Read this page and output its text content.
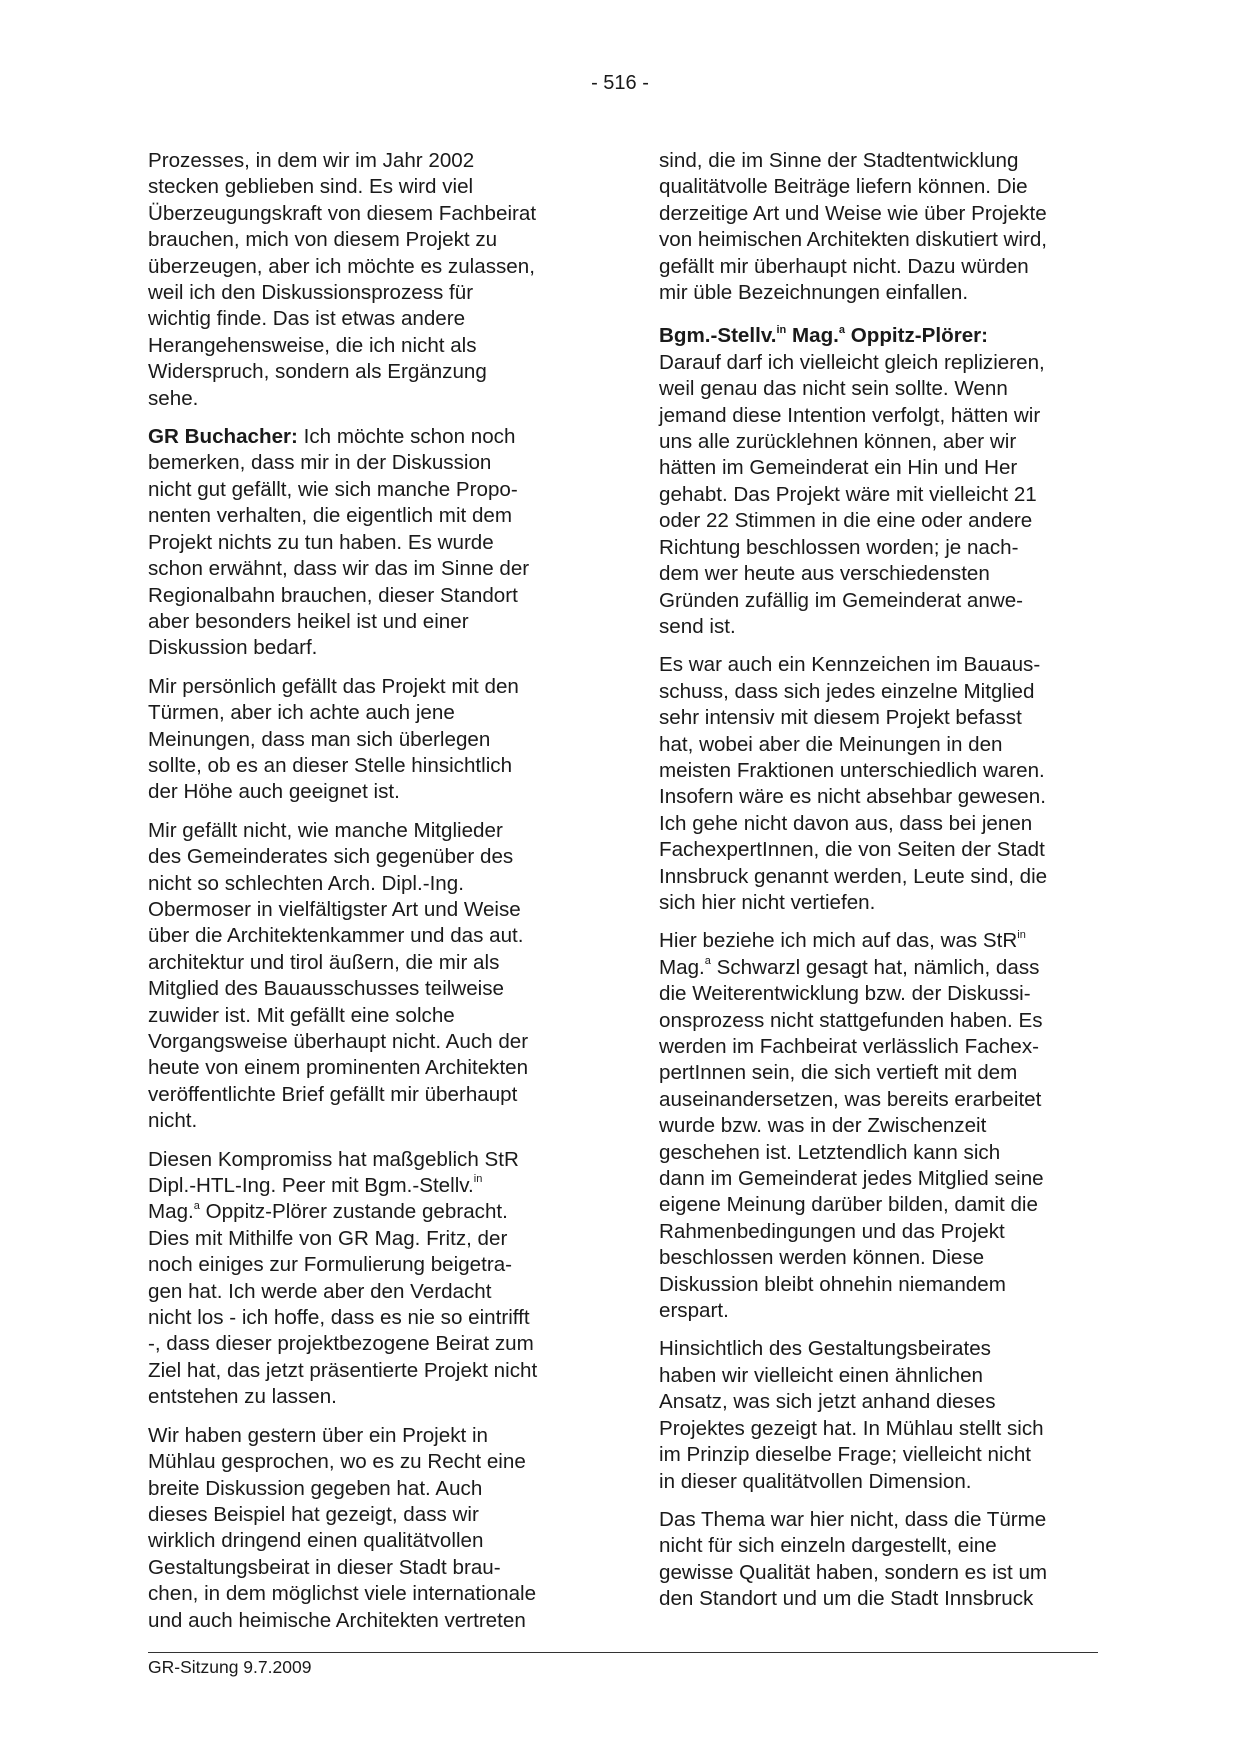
- 516 -

Prozesses, in dem wir im Jahr 2002
stecken geblieben sind. Es wird viel
Überzeugungskraft von diesem Fachbeirat
brauchen, mich von diesem Projekt zu
überzeugen, aber ich möchte es zulassen,
weil ich den Diskussionsprozess für
wichtig finde. Das ist etwas andere
Herangehensweise, die ich nicht als
Widerspruch, sondern als Ergänzung
sehe.

GR Buchacher: Ich möchte schon noch
bemerken, dass mir in der Diskussion
nicht gut gefällt, wie sich manche Propo-
nenten verhalten, die eigentlich mit dem
Projekt nichts zu tun haben. Es wurde
schon erwähnt, dass wir das im Sinne der
Regionalbahn brauchen, dieser Standort
aber besonders heikel ist und einer
Diskussion bedarf.

Mir persönlich gefällt das Projekt mit den
Türmen, aber ich achte auch jene
Meinungen, dass man sich überlegen
sollte, ob es an dieser Stelle hinsichtlich
der Höhe auch geeignet ist.

Mir gefällt nicht, wie manche Mitglieder
des Gemeinderates sich gegenüber des
nicht so schlechten Arch. Dipl.-Ing.
Obermoser in vielfältigster Art und Weise
über die Architektenkammer und das aut.
architektur und tirol äußern, die mir als
Mitglied des Bauausschusses teilweise
zuwider ist. Mit gefällt eine solche
Vorgangsweise überhaupt nicht. Auch der
heute von einem prominenten Architekten
veröffentlichte Brief gefällt mir überhaupt
nicht.

Diesen Kompromiss hat maßgeblich StR
Dipl.-HTL-Ing. Peer mit Bgm.-Stellv.$^{in}$
Mag.$^a$ Oppitz-Plörer zustande gebracht.
Dies mit Mithilfe von GR Mag. Fritz, der
noch einiges zur Formulierung beigetra-
gen hat. Ich werde aber den Verdacht
nicht los - ich hoffe, dass es nie so eintrifft
-, dass dieser projektbezogene Beirat zum
Ziel hat, das jetzt präsentierte Projekt nicht
entstehen zu lassen.

Wir haben gestern über ein Projekt in
Mühlau gesprochen, wo es zu Recht eine
breite Diskussion gegeben hat. Auch
dieses Beispiel hat gezeigt, dass wir
wirklich dringend einen qualitätvollen
Gestaltungsbeirat in dieser Stadt brau-
chen, in dem möglichst viele internationale
und auch heimische Architekten vertreten

sind, die im Sinne der Stadtentwicklung
qualitätvolle Beiträge liefern können. Die
derzeitige Art und Weise wie über Projekte
von heimischen Architekten diskutiert wird,
gefällt mir überhaupt nicht. Dazu würden
mir üble Bezeichnungen einfallen.

Bgm.-Stellv.$^{in}$ Mag.$^a$ Oppitz-Plörer:
Darauf darf ich vielleicht gleich replizieren,
weil genau das nicht sein sollte. Wenn
jemand diese Intention verfolgt, hätten wir
uns alle zurücklehnen können, aber wir
hätten im Gemeinderat ein Hin und Her
gehabt. Das Projekt wäre mit vielleicht 21
oder 22 Stimmen in die eine oder andere
Richtung beschlossen worden; je nach-
dem wer heute aus verschiedensten
Gründen zufällig im Gemeinderat anwe-
send ist.

Es war auch ein Kennzeichen im Bauaus-
schuss, dass sich jedes einzelne Mitglied
sehr intensiv mit diesem Projekt befasst
hat, wobei aber die Meinungen in den
meisten Fraktionen unterschiedlich waren.
Insofern wäre es nicht absehbar gewesen.
Ich gehe nicht davon aus, dass bei jenen
FachexpertInnen, die von Seiten der Stadt
Innsbruck genannt werden, Leute sind, die
sich hier nicht vertiefen.

Hier beziehe ich mich auf das, was StR$^{in}$
Mag.$^a$ Schwarzl gesagt hat, nämlich, dass
die Weiterentwicklung bzw. der Diskussi-
onsprozess nicht stattgefunden haben. Es
werden im Fachbeirat verlässlich Fachex-
pertInnen sein, die sich vertieft mit dem
auseinandersetzen, was bereits erarbeitet
wurde bzw. was in der Zwischenzeit
geschehen ist. Letztendlich kann sich
dann im Gemeinderat jedes Mitglied seine
eigene Meinung darüber bilden, damit die
Rahmenbedingungen und das Projekt
beschlossen werden können. Diese
Diskussion bleibt ohnehin niemandem
erspart.

Hinsichtlich des Gestaltungsbeirates
haben wir vielleicht einen ähnlichen
Ansatz, was sich jetzt anhand dieses
Projektes gezeigt hat. In Mühlau stellt sich
im Prinzip dieselbe Frage; vielleicht nicht
in dieser qualitätvollen Dimension.

Das Thema war hier nicht, dass die Türme
nicht für sich einzeln dargestellt, eine
gewisse Qualität haben, sondern es ist um
den Standort und um die Stadt Innsbruck

GR-Sitzung 9.7.2009
